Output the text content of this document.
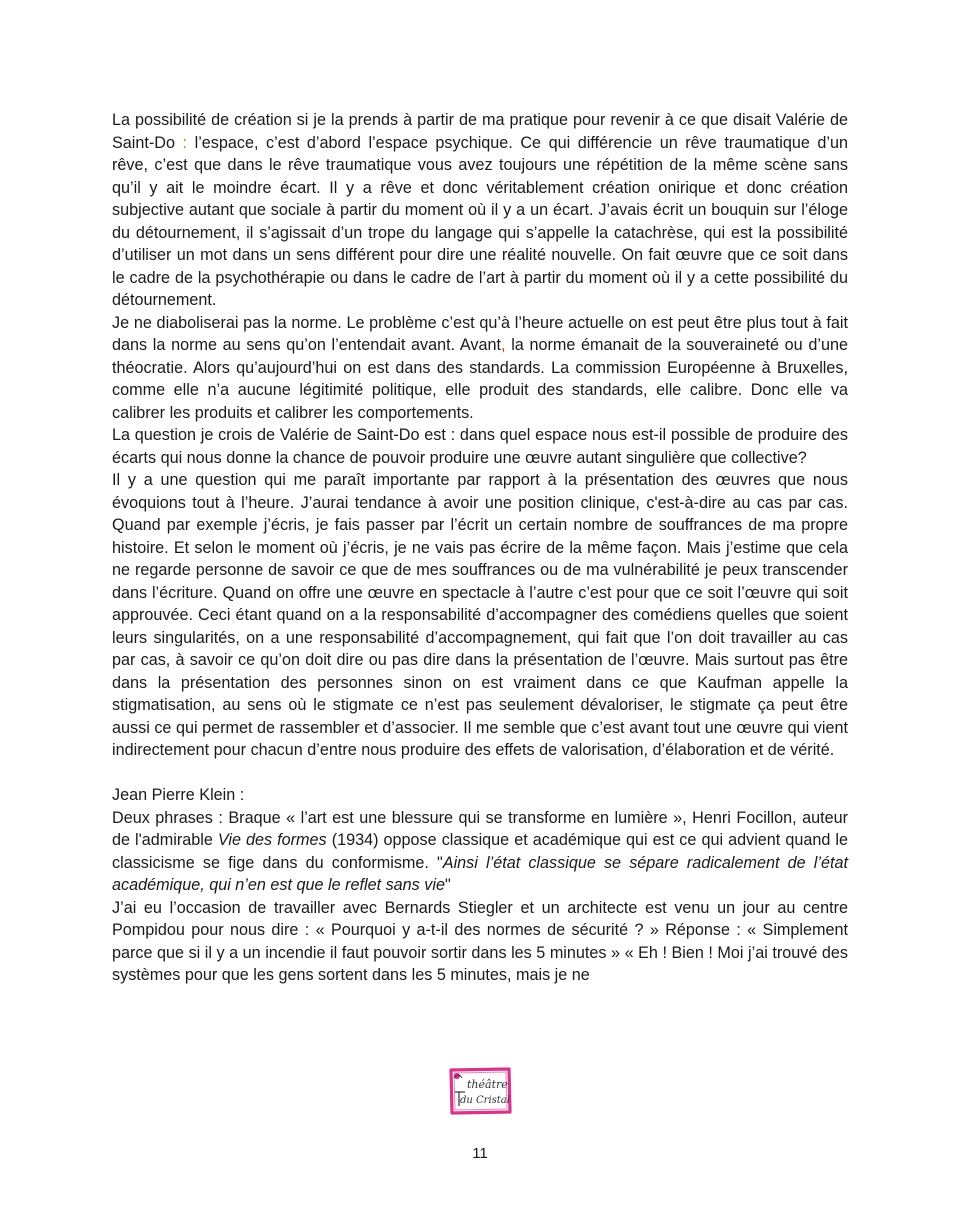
La possibilité de création si je la prends à partir de ma pratique pour revenir à ce que disait Valérie de Saint-Do : l’espace, c’est d’abord l’espace psychique. Ce qui différencie un rêve traumatique d’un rêve, c’est que dans le rêve traumatique vous avez toujours une répétition de la même scène sans qu’il y ait le moindre écart. Il y a rêve et donc véritablement création onirique et donc création subjective autant que sociale à partir du moment où il y a un écart. J’avais écrit un bouquin sur l’éloge du détournement, il s’agissait d’un trope du langage qui s’appelle la catachrèse, qui est la possibilité d’utiliser un mot dans un sens différent pour dire une réalité nouvelle. On fait œuvre que ce soit dans le cadre de la psychothérapie ou dans le cadre de l’art à partir du moment où il y a cette possibilité du détournement.

Je ne diaboliserai pas la norme. Le problème c’est qu’à l’heure actuelle on est peut être plus tout à fait dans la norme au sens qu’on l’entendait avant. Avant, la norme émanait de la souveraineté ou d’une théocratie. Alors qu’aujourd’hui on est dans des standards. La commission Européenne à Bruxelles, comme elle n’a aucune légitimité politique, elle produit des standards, elle calibre. Donc elle va calibrer les produits et calibrer les comportements.

La question je crois de Valérie de Saint-Do est : dans quel espace nous est-il possible de produire des écarts qui nous donne la chance de pouvoir produire une œuvre autant singulière que collective?

Il y a une question qui me paraît importante par rapport à la présentation des œuvres que nous évoquions tout à l’heure. J’aurai tendance à avoir une position clinique, c'est-à-dire au cas par cas. Quand par exemple j’écris, je fais passer par l’écrit un certain nombre de souffrances de ma propre histoire. Et selon le moment où j’écris, je ne vais pas écrire de la même façon. Mais j’estime que cela ne regarde personne de savoir ce que de mes souffrances ou de ma vulnérabilité je peux transcender dans l’écriture. Quand on offre une œuvre en spectacle à l’autre c’est pour que ce soit l’œuvre qui soit approuvée. Ceci étant quand on a la responsabilité d’accompagner des comédiens quelles que soient leurs singularités, on a une responsabilité d’accompagnement, qui fait que l’on doit travailler au cas par cas, à savoir ce qu’on doit dire ou pas dire dans la présentation de l’œuvre. Mais surtout pas être dans la présentation des personnes sinon on est vraiment dans ce que Kaufman appelle la stigmatisation, au sens où le stigmate ce n’est pas seulement dévaloriser, le stigmate ça peut être aussi ce qui permet de rassembler et d’associer. Il me semble que c’est avant tout une œuvre qui vient indirectement pour chacun d’entre nous produire des effets de valorisation, d’élaboration et de vérité.

Jean Pierre Klein :

Deux phrases : Braque « l’art est une blessure qui se transforme en lumière », Henri Focillon, auteur de l'admirable Vie des formes (1934) oppose classique et académique qui est ce qui advient quand le classicisme se fige dans du conformisme. "Ainsi l’état classique se sépare radicalement de l’état académique, qui n’en est que le reflet sans vie"

J’ai eu l’occasion de travailler avec Bernards Stiegler et un architecte est venu un jour au centre Pompidou pour nous dire : « Pourquoi y a-t-il des normes de sécurité ? » Réponse : « Simplement parce que si il y a un incendie il faut pouvoir sortir dans les 5 minutes » « Eh ! Bien ! Moi j’ai trouvé des systèmes pour que les gens sortent dans les 5 minutes, mais je ne

théâtre
du Cristal
11
